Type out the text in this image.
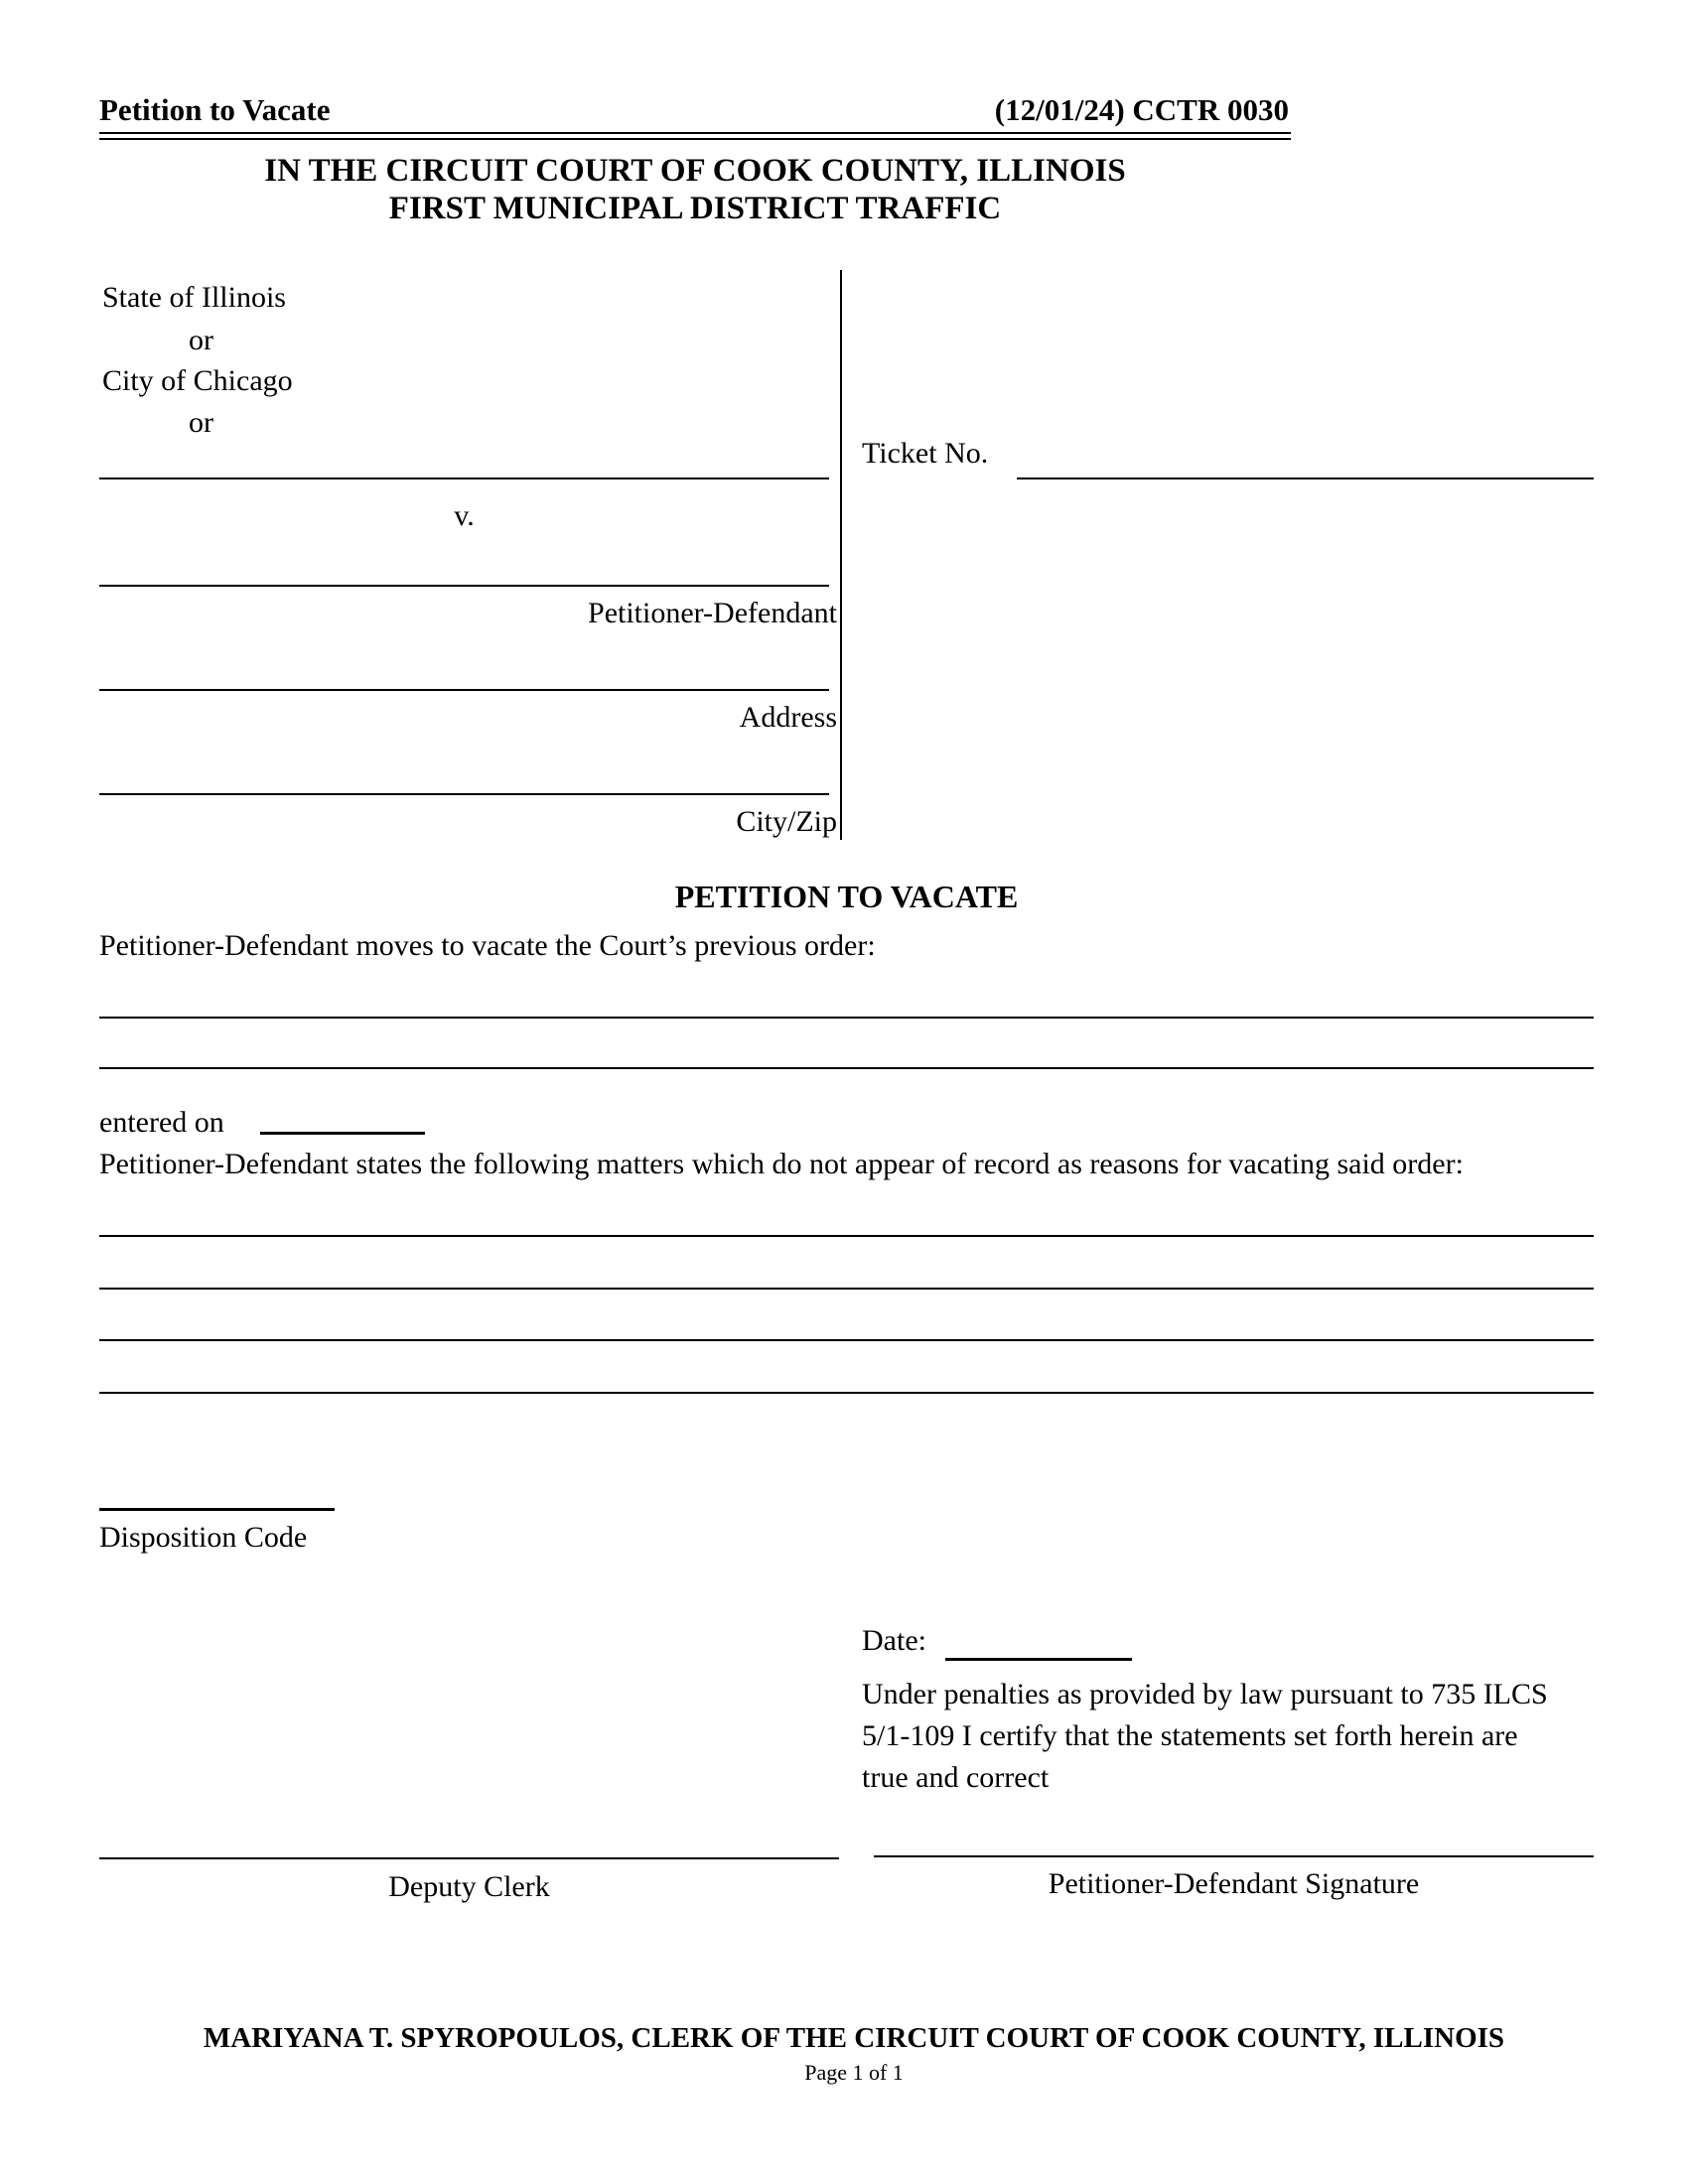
Petition to Vacate	(12/01/24) CCTR 0030
IN THE CIRCUIT COURT OF COOK COUNTY, ILLINOIS
FIRST MUNICIPAL DISTRICT TRAFFIC
State of Illinois
or
City of Chicago
or
v.
Petitioner-Defendant
Address
City/Zip
Ticket No.
PETITION TO VACATE
Petitioner-Defendant moves to vacate the Court’s previous order:
entered on
Petitioner-Defendant states the following matters which do not appear of record as reasons for vacating said order:
Disposition Code
Date:
Under penalties as provided by law pursuant to 735 ILCS 5/1-109 I certify that the statements set forth herein are true and correct
Deputy Clerk	Petitioner-Defendant Signature
MARIYANA T. SPYROPOULOS, CLERK OF THE CIRCUIT COURT OF COOK COUNTY, ILLINOIS
Page 1 of 1
